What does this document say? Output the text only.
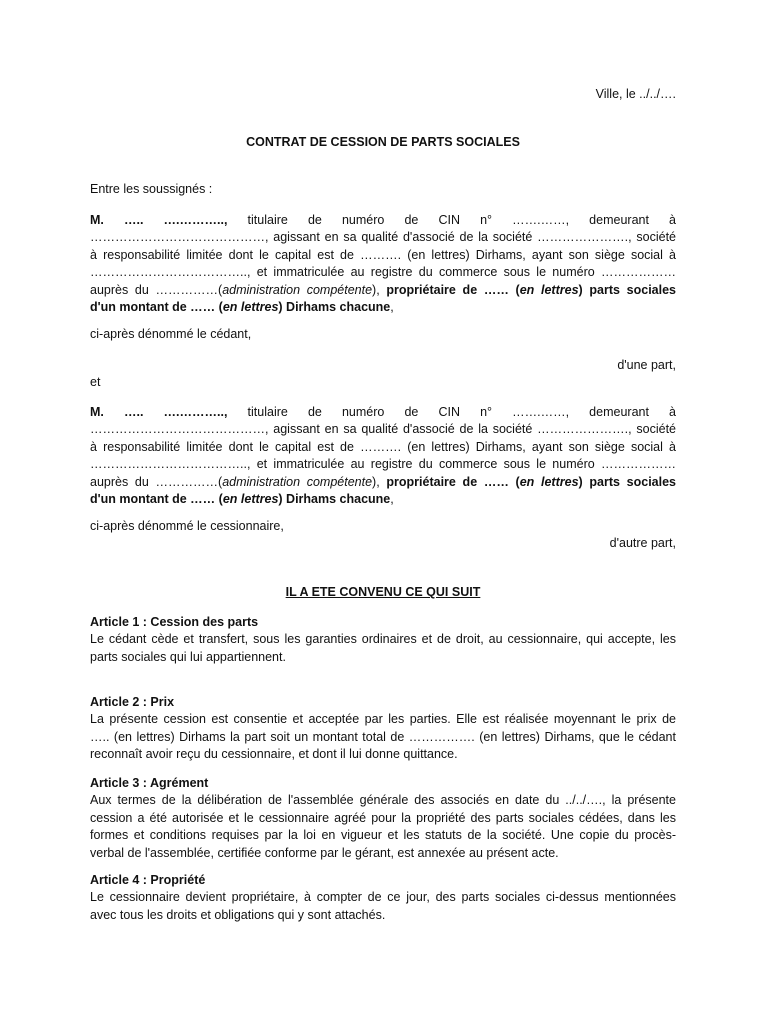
Ville, le ../../….
CONTRAT DE CESSION DE PARTS SOCIALES
Entre les soussignés :

M. ….. ….……….., titulaire de numéro de CIN n° …….……, demeurant à

……………………………………, agissant en sa qualité d'associé de la société …………………., société

à responsabilité limitée dont le capital est de ………. (en lettres) Dirhams, ayant son siège social à

……………………………….., et immatriculée au registre du commerce sous le numéro ………………

auprès du ……………(administration compétente), propriétaire de …… (en lettres) parts sociales

d'un montant de …… (en lettres) Dirhams chacune,

ci-après dénommé le cédant,
d'une part,
et

M. ….. ….……….., titulaire de numéro de CIN n° …….……, demeurant à

……………………………………, agissant en sa qualité d'associé de la société …………………., société

à responsabilité limitée dont le capital est de ………. (en lettres) Dirhams, ayant son siège social à

……………………………….., et immatriculée au registre du commerce sous le numéro ………………

auprès du ……………(administration compétente), propriétaire de …… (en lettres) parts sociales

d'un montant de …… (en lettres) Dirhams chacune,

ci-après dénommé le cessionnaire,
d'autre part,
IL A ETE CONVENU CE QUI SUIT

Article 1 : Cession des parts

Le cédant cède et transfert, sous les garanties ordinaires et de droit, au cessionnaire, qui accepte, les

parts sociales qui lui appartiennent.

Article 2 : Prix

La présente cession est consentie et acceptée par les parties. Elle est réalisée moyennant le prix de

….. (en lettres) Dirhams la part soit un montant total de ……………. (en lettres) Dirhams, que le cédant

reconnaît avoir reçu du cessionnaire, et dont il lui donne quittance.

Article 3 : Agrément

Aux termes de la délibération de l'assemblée générale des associés en date du ../../…., la présente

cession a été autorisée et le cessionnaire agréé pour la propriété des parts sociales cédées, dans les

formes et conditions requises par la loi en vigueur et les statuts de la société. Une copie du procès-

verbal de l'assemblée, certifiée conforme par le gérant, est annexée au présent acte.

Article 4 : Propriété

Le cessionnaire devient propriétaire, à compter de ce jour, des parts sociales ci-dessus mentionnées

avec tous les droits et obligations qui y sont attachés.
